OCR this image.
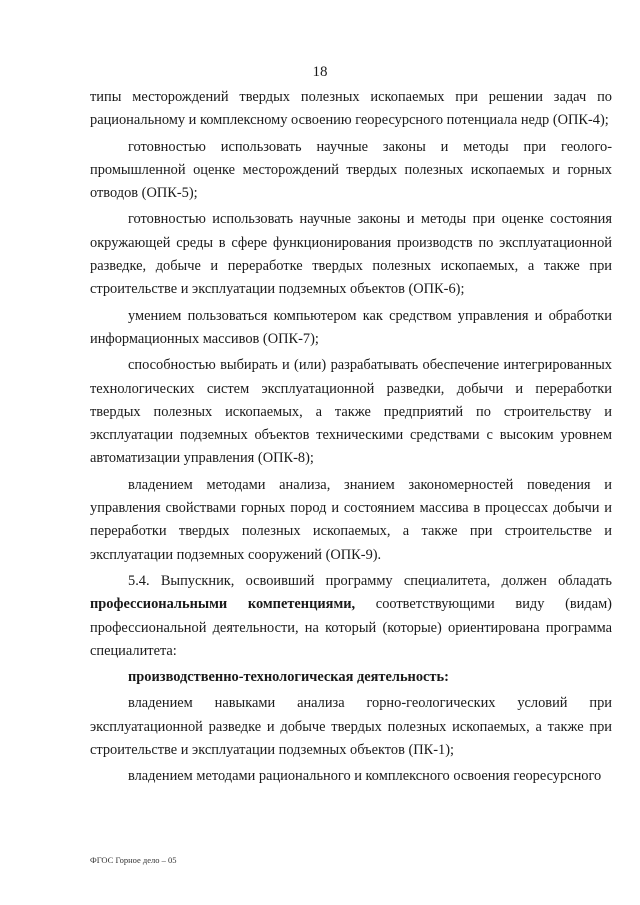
18

типы месторождений твердых полезных ископаемых при решении задач по рациональному и комплексному освоению георесурсного потенциала недр (ОПК-4);

готовностью использовать научные законы и методы при геолого-промышленной оценке месторождений твердых полезных ископаемых и горных отводов (ОПК-5);

готовностью использовать научные законы и методы при оценке состояния окружающей среды в сфере функционирования производств по эксплуатационной разведке, добыче и переработке твердых полезных ископаемых, а также при строительстве и эксплуатации подземных объектов (ОПК-6);

умением пользоваться компьютером как средством управления и обработки информационных массивов (ОПК-7);

способностью выбирать и (или) разрабатывать обеспечение интегрированных технологических систем эксплуатационной разведки, добычи и переработки твердых полезных ископаемых, а также предприятий по строительству и эксплуатации подземных объектов техническими средствами с высоким уровнем автоматизации управления (ОПК-8);

владением методами анализа, знанием закономерностей поведения и управления свойствами горных пород и состоянием массива в процессах добычи и переработки твердых полезных ископаемых, а также при строительстве и эксплуатации подземных сооружений (ОПК-9).

5.4. Выпускник, освоивший программу специалитета, должен обладать профессиональными компетенциями, соответствующими виду (видам) профессиональной деятельности, на который (которые) ориентирована программа специалитета:

производственно-технологическая деятельность:

владением навыками анализа горно-геологических условий при эксплуатационной разведке и добыче твердых полезных ископаемых, а также при строительстве и эксплуатации подземных объектов (ПК-1);

владением методами рационального и комплексного освоения георесурсного

ФГОС Горное дело – 05
